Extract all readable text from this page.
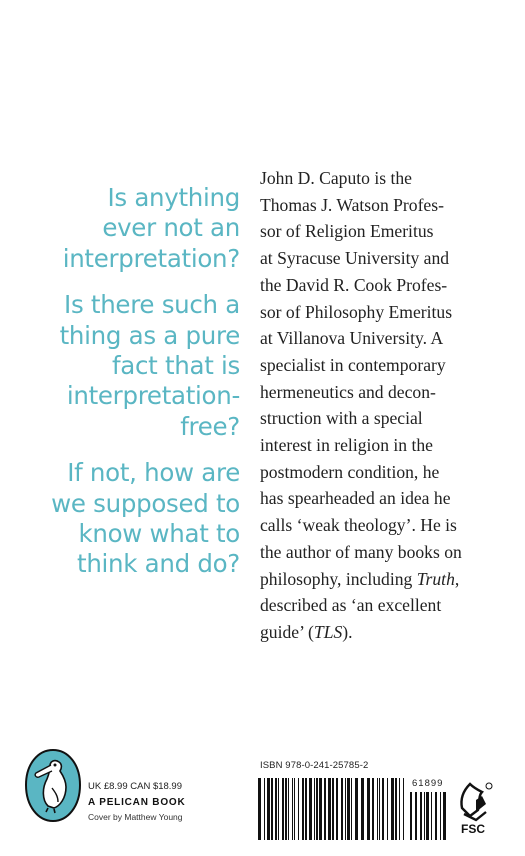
Is anything
ever not an
interpretation?
Is there such a
thing as a pure
fact that is
interpretation-
free?
If not, how are
we supposed to
know what to
think and do?
John D. Caputo is the
Thomas J. Watson Profes-
sor of Religion Emeritus
at Syracuse University and
the David R. Cook Profes-
sor of Philosophy Emeritus
at Villanova University. A
specialist in contemporary
hermeneutics and decon-
struction with a special
interest in religion in the
postmodern condition, he
has spearheaded an idea he
calls ‘weak theology’. He is
the author of many books on
philosophy, including Truth,
described as ‘an excellent
guide’ (TLS).
UK £8.99 CAN $18.99
A PELICAN BOOK
Cover by Matthew Young
ISBN 978-0-241-25785-2
61899
FSC
